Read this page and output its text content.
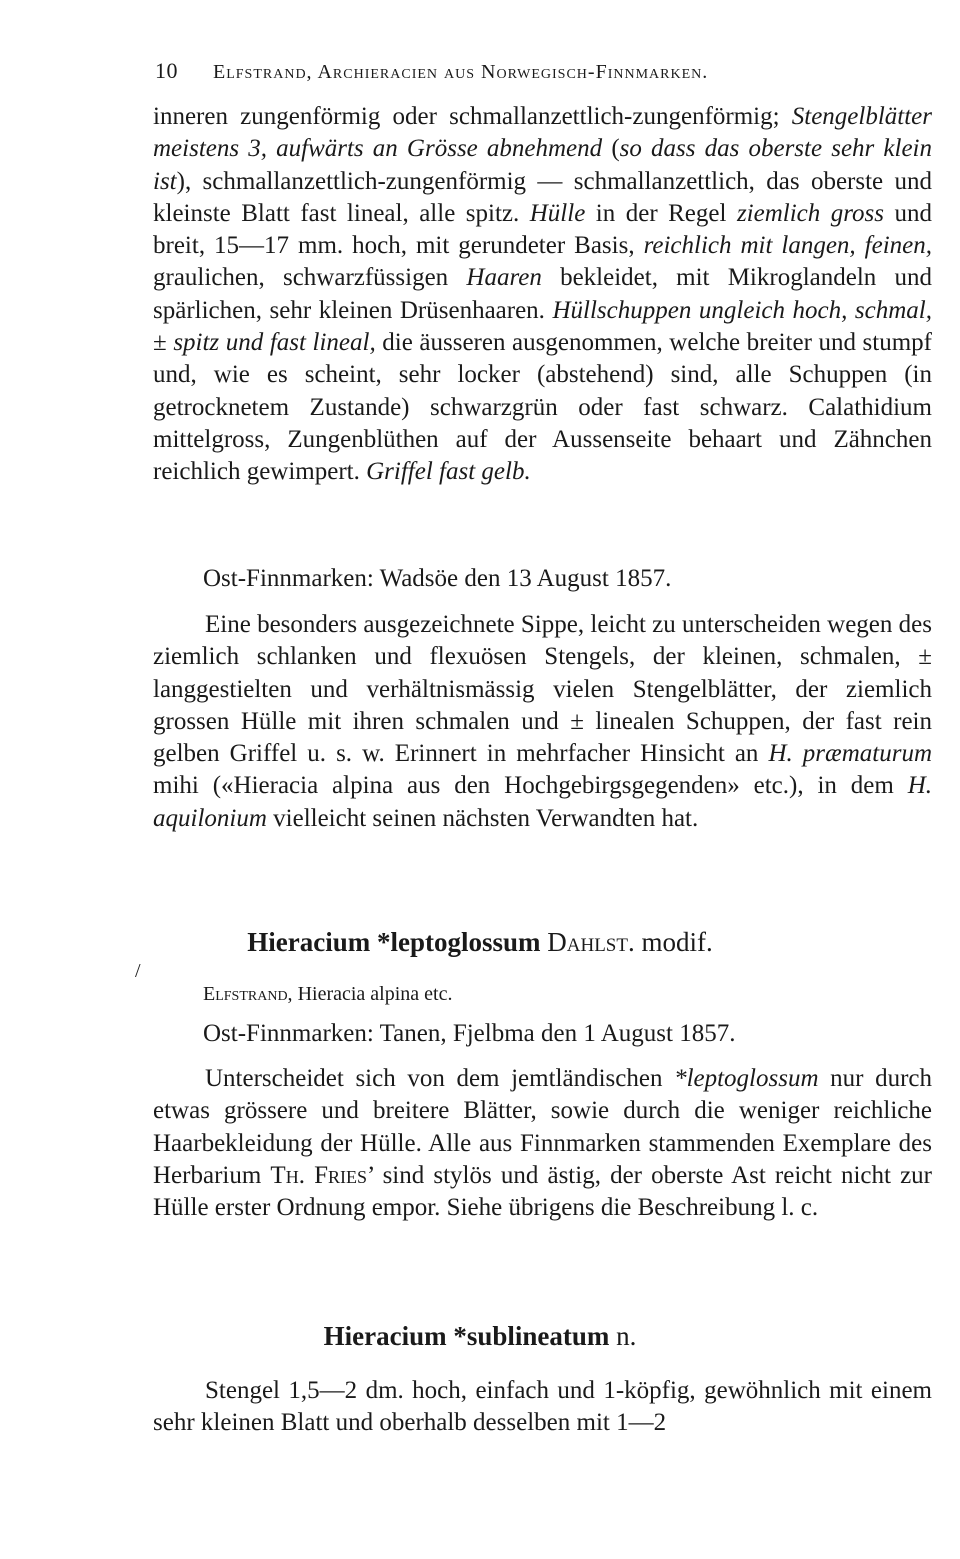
10 Elfstrand, Archieracien aus Norwegisch-Finnmarken.

inneren zungenförmig oder schmallanzettlich-zungenförmig; Stengelblätter meistens 3, aufwärts an Grösse abnehmend (so dass das oberste sehr klein ist), schmallanzettlich-zungenförmig — schmallanzettlich, das oberste und kleinste Blatt fast lineal, alle spitz. Hülle in der Regel ziemlich gross und breit, 15—17 mm. hoch, mit gerundeter Basis, reichlich mit langen, feinen, graulichen, schwarzfüssigen Haaren bekleidet, mit Mikroglandeln und spärlichen, sehr kleinen Drüsenhaaren. Hüllschuppen ungleich hoch, schmal, ± spitz und fast lineal, die äusseren ausgenommen, welche breiter und stumpf und, wie es scheint, sehr locker (abstehend) sind, alle Schuppen (in getrocknetem Zustande) schwarzgrün oder fast schwarz. Calathidium mittelgross, Zungenblüthen auf der Aussenseite behaart und Zähnchen reichlich gewimpert. Griffel fast gelb.

Ost-Finnmarken: Wadsöe den 13 August 1857.

Eine besonders ausgezeichnete Sippe, leicht zu unterscheiden wegen des ziemlich schlanken und flexuösen Stengels, der kleinen, schmalen, ± langgestielten und verhältnismässig vielen Stengelblätter, der ziemlich grossen Hülle mit ihren schmalen und ± linealen Schuppen, der fast rein gelben Griffel u. s. w. Erinnert in mehrfacher Hinsicht an H. præmaturum mihi («Hieracia alpina aus den Hochgebirgsgegenden» etc.), in dem H. aquilonium vielleicht seinen nächsten Verwandten hat.

Hieracium *leptoglossum Dahlst. modif.
/
Elfstrand, Hieracia alpina etc.
Ost-Finnmarken: Tanen, Fjelbma den 1 August 1857.

Unterscheidet sich von dem jemtländischen *leptoglossum nur durch etwas grössere und breitere Blätter, sowie durch die weniger reichliche Haarbekleidung der Hülle. Alle aus Finnmarken stammenden Exemplare des Herbarium Th. Fries’ sind stylös und ästig, der oberste Ast reicht nicht zur Hülle erster Ordnung empor. Siehe übrigens die Beschreibung l. c.

Hieracium *sublineatum n.

Stengel 1,5—2 dm. hoch, einfach und 1-köpfig, gewöhnlich mit einem sehr kleinen Blatt und oberhalb desselben mit 1—2
